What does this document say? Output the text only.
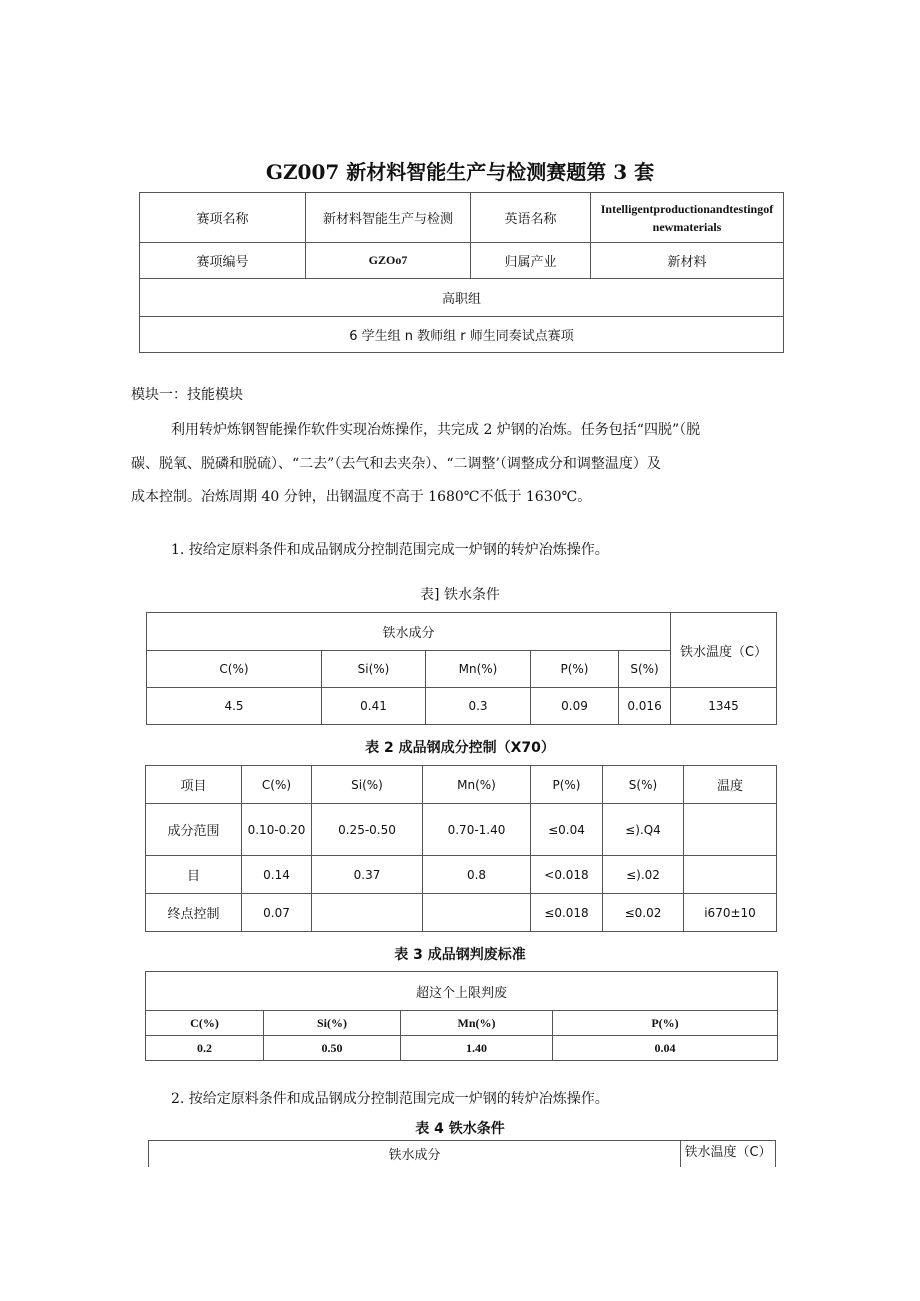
GZ007 新材料智能生产与检测赛题第 3 套
赛项名称	新材料智能生产与检测	英语名称	Intelligentproductionandtestingof newmaterials
赛项编号	GZOo7	归属产业	新材料
高职组			
6 学生组 n 教师组 r 师生同奏试点赛项			
模块一：技能模块
利用转炉炼钢智能操作软件实现冶炼操作，共完成 2 炉钢的冶炼。任务包括“四脱”（脱
碳、脱氧、脱磷和脱硫）、“二去”（去气和去夹杂）、“二调整’（调整成分和调整温度）及
成本控制。冶炼周期 40 分钟，出钢温度不高于 1680℃不低于 1630℃。
1. 按给定原料条件和成品钢成分控制范围完成一炉钢的转炉冶炼操作。
表] 铁水条件
铁水成分					铁水温度（C）
C(%)	Si(%)	Mn(%)	P(%)	S(%)	
4.5	0.41	0.3	0.09	0.016	1345
表 2 成品钢成分控制（X70）
项目	C(%)	Si(%)	Mn(%)	P(%)	S(%)	温度
成分范围	0.10-0.20	0.25-0.50	0.70-1.40	≤0.04	≤).Q4	
目	0.14	0.37	0.8	<0.018	≤).02	
终点控制	0.07			≤0.018	≤0.02	i670±10
表 3 成品钢判废标准
超这个上限判废			
C(%)	Si(%)	Mn(%)	P(%)
0.2	0.50	1.40	0.04
2. 按给定原料条件和成品钢成分控制范围完成一炉钢的转炉冶炼操作。
表 4 铁水条件
铁水成分	铁水温度（C）
